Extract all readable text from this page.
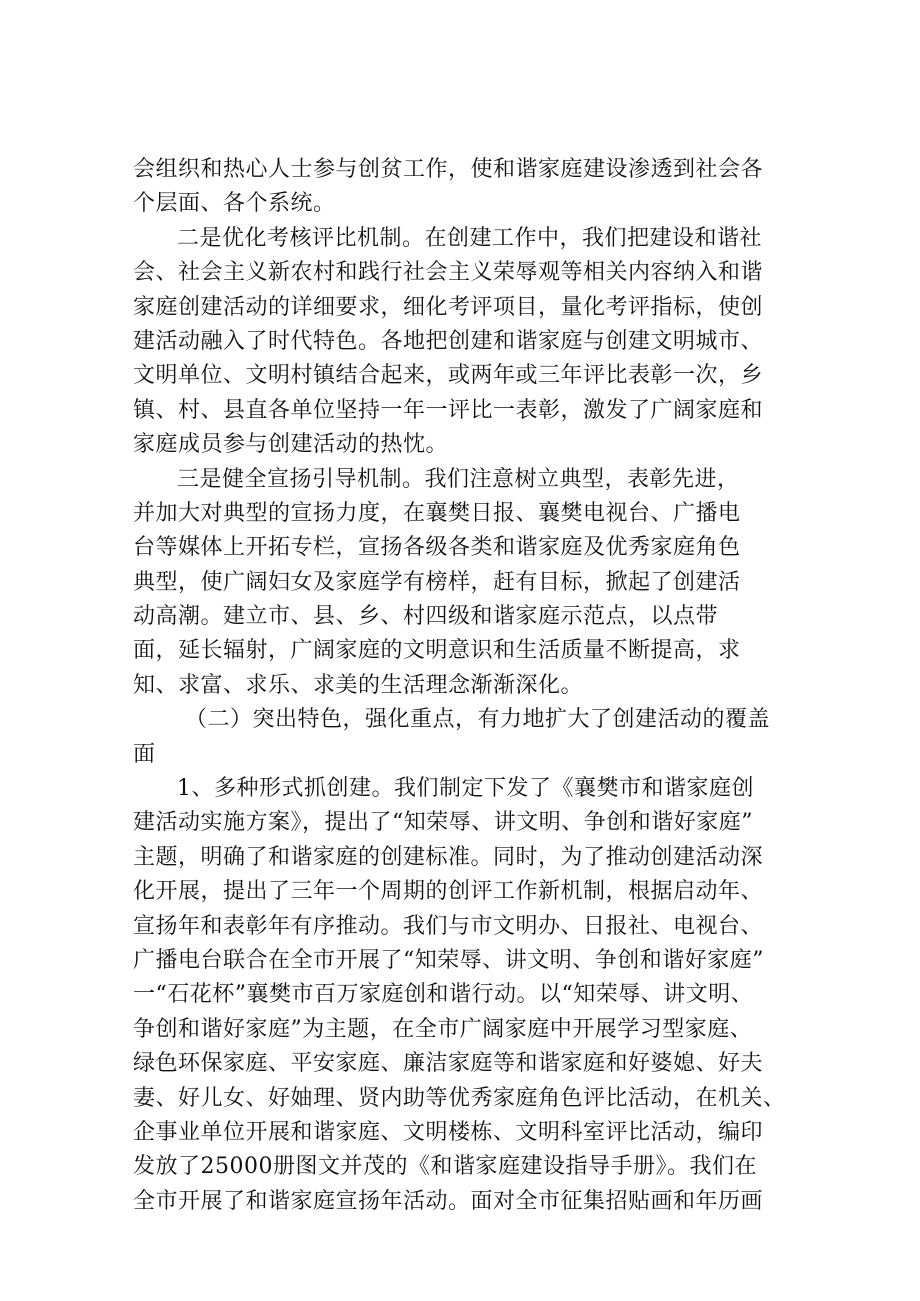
会组织和热心人士参与创贫工作，使和谐家庭建设渗透到社会各
个层面、各个系统。
二是优化考核评比机制。在创建工作中，我们把建设和谐社
会、社会主义新农村和践行社会主义荣辱观等相关内容纳入和谐
家庭创建活动的详细要求，细化考评项目，量化考评指标，使创
建活动融入了时代特色。各地把创建和谐家庭与创建文明城市、
文明单位、文明村镇结合起来，或两年或三年评比表彰一次，乡
镇、村、县直各单位坚持一年一评比一表彰，激发了广阔家庭和
家庭成员参与创建活动的热忱。
三是健全宣扬引导机制。我们注意树立典型，表彰先进，
并加大对典型的宣扬力度，在襄樊日报、襄樊电视台、广播电
台等媒体上开拓专栏，宣扬各级各类和谐家庭及优秀家庭角色
典型，使广阔妇女及家庭学有榜样，赶有目标，掀起了创建活
动高潮。建立市、县、乡、村四级和谐家庭示范点，以点带
面，延长辐射，广阔家庭的文明意识和生活质量不断提高，求
知、求富、求乐、求美的生活理念渐渐深化。
（二）突出特色，强化重点，有力地扩大了创建活动的覆盖
面
1、多种形式抓创建。我们制定下发了《襄樊市和谐家庭创
建活动实施方案》，提出了“知荣辱、讲文明、争创和谐好家庭”
主题，明确了和谐家庭的创建标准。同时，为了推动创建活动深
化开展，提出了三年一个周期的创评工作新机制，根据启动年、
宣扬年和表彰年有序推动。我们与市文明办、日报社、电视台、
广播电台联合在全市开展了“知荣辱、讲文明、争创和谐好家庭”
一“石花杯”襄樊市百万家庭创和谐行动。以“知荣辱、讲文明、
争创和谐好家庭”为主题，在全市广阔家庭中开展学习型家庭、
绿色环保家庭、平安家庭、廉洁家庭等和谐家庭和好婆媳、好夫
妻、好儿女、好妯理、贤内助等优秀家庭角色评比活动，在机关、
企事业单位开展和谐家庭、文明楼栋、文明科室评比活动，编印
发放了25000册图文并茂的《和谐家庭建设指导手册》。我们在
全市开展了和谐家庭宣扬年活动。面对全市征集招贴画和年历画
